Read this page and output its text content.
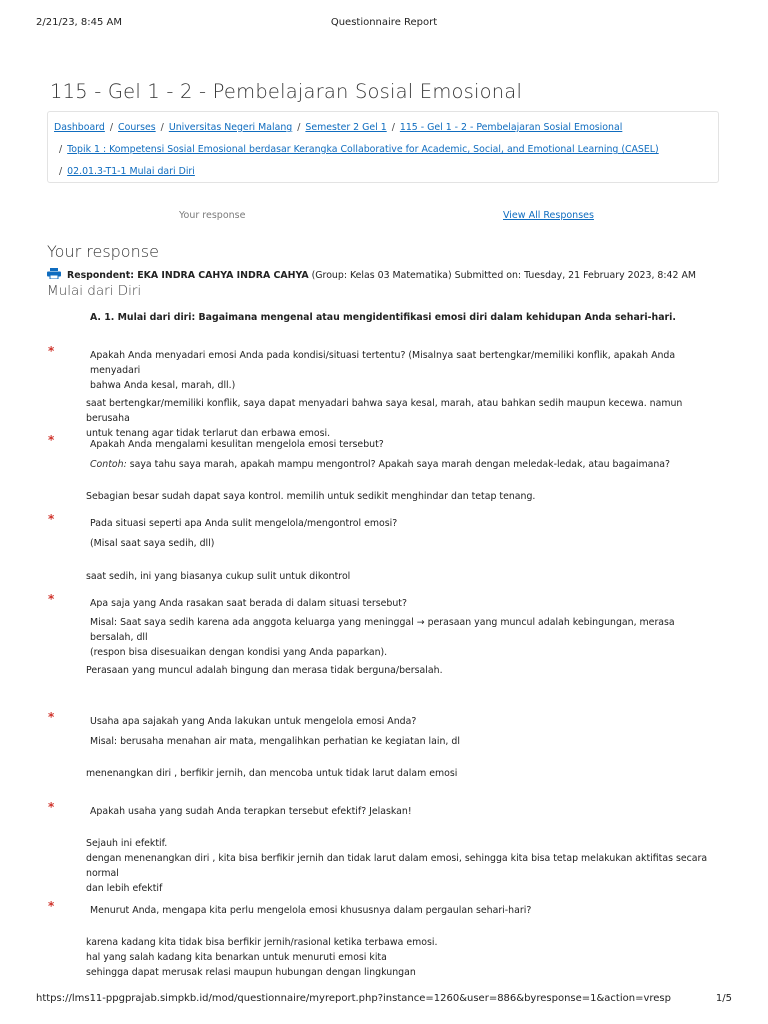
2/21/23, 8:45 AM	Questionnaire Report
115 - Gel 1 - 2 - Pembelajaran Sosial Emosional
Dashboard / Courses / Universitas Negeri Malang / Semester 2 Gel 1 / 115 - Gel 1 - 2 - Pembelajaran Sosial Emosional
/ Topik 1 : Kompetensi Sosial Emosional berdasar Kerangka Collaborative for Academic, Social, and Emotional Learning (CASEL)
/ 02.01.3-T1-1 Mulai dari Diri
Your response	View All Responses
Your response
Respondent: EKA INDRA CAHYA INDRA CAHYA (Group: Kelas 03 Matematika) Submitted on: Tuesday, 21 February 2023, 8:42 AM
Mulai dari Diri
A. 1. Mulai dari diri: Bagaimana mengenal atau mengidentifikasi emosi diri dalam kehidupan Anda sehari-hari.
*	Apakah Anda menyadari emosi Anda pada kondisi/situasi tertentu? (Misalnya saat bertengkar/memiliki konflik, apakah Anda menyadari
bahwa Anda kesal, marah, dll.)
saat bertengkar/memiliki konflik, saya dapat menyadari bahwa saya kesal, marah, atau bahkan sedih maupun kecewa. namun berusaha
untuk tenang agar tidak terlarut dan erbawa emosi.
*	Apakah Anda mengalami kesulitan mengelola emosi tersebut?
Contoh: saya tahu saya marah, apakah mampu mengontrol? Apakah saya marah dengan meledak-ledak, atau bagaimana?
Sebagian besar sudah dapat saya kontrol. memilih untuk sedikit menghindar dan tetap tenang.
*	Pada situasi seperti apa Anda sulit mengelola/mengontrol emosi?
(Misal saat saya sedih, dll)
saat sedih, ini yang biasanya cukup sulit untuk dikontrol
*	Apa saja yang Anda rasakan saat berada di dalam situasi tersebut?
Misal: Saat saya sedih karena ada anggota keluarga yang meninggal → perasaan yang muncul adalah kebingungan, merasa bersalah, dll
(respon bisa disesuaikan dengan kondisi yang Anda paparkan).
Perasaan yang muncul adalah bingung dan merasa tidak berguna/bersalah.
*	Usaha apa sajakah yang Anda lakukan untuk mengelola emosi Anda?
Misal: berusaha menahan air mata, mengalihkan perhatian ke kegiatan lain, dl
menenangkan diri , berfikir jernih, dan mencoba untuk tidak larut dalam emosi
*	Apakah usaha yang sudah Anda terapkan tersebut efektif? Jelaskan!
Sejauh ini efektif.
dengan menenangkan diri , kita bisa berfikir jernih dan tidak larut dalam emosi, sehingga kita bisa tetap melakukan aktifitas secara normal
dan lebih efektif
*	Menurut Anda, mengapa kita perlu mengelola emosi khususnya dalam pergaulan sehari-hari?
karena kadang kita tidak bisa berfikir jernih/rasional ketika terbawa emosi.
hal yang salah kadang kita benarkan untuk menuruti emosi kita
sehingga dapat merusak relasi maupun hubungan dengan lingkungan
https://lms11-ppgprajab.simpkb.id/mod/questionnaire/myreport.php?instance=1260&user=886&byresponse=1&action=vresp	1/5
